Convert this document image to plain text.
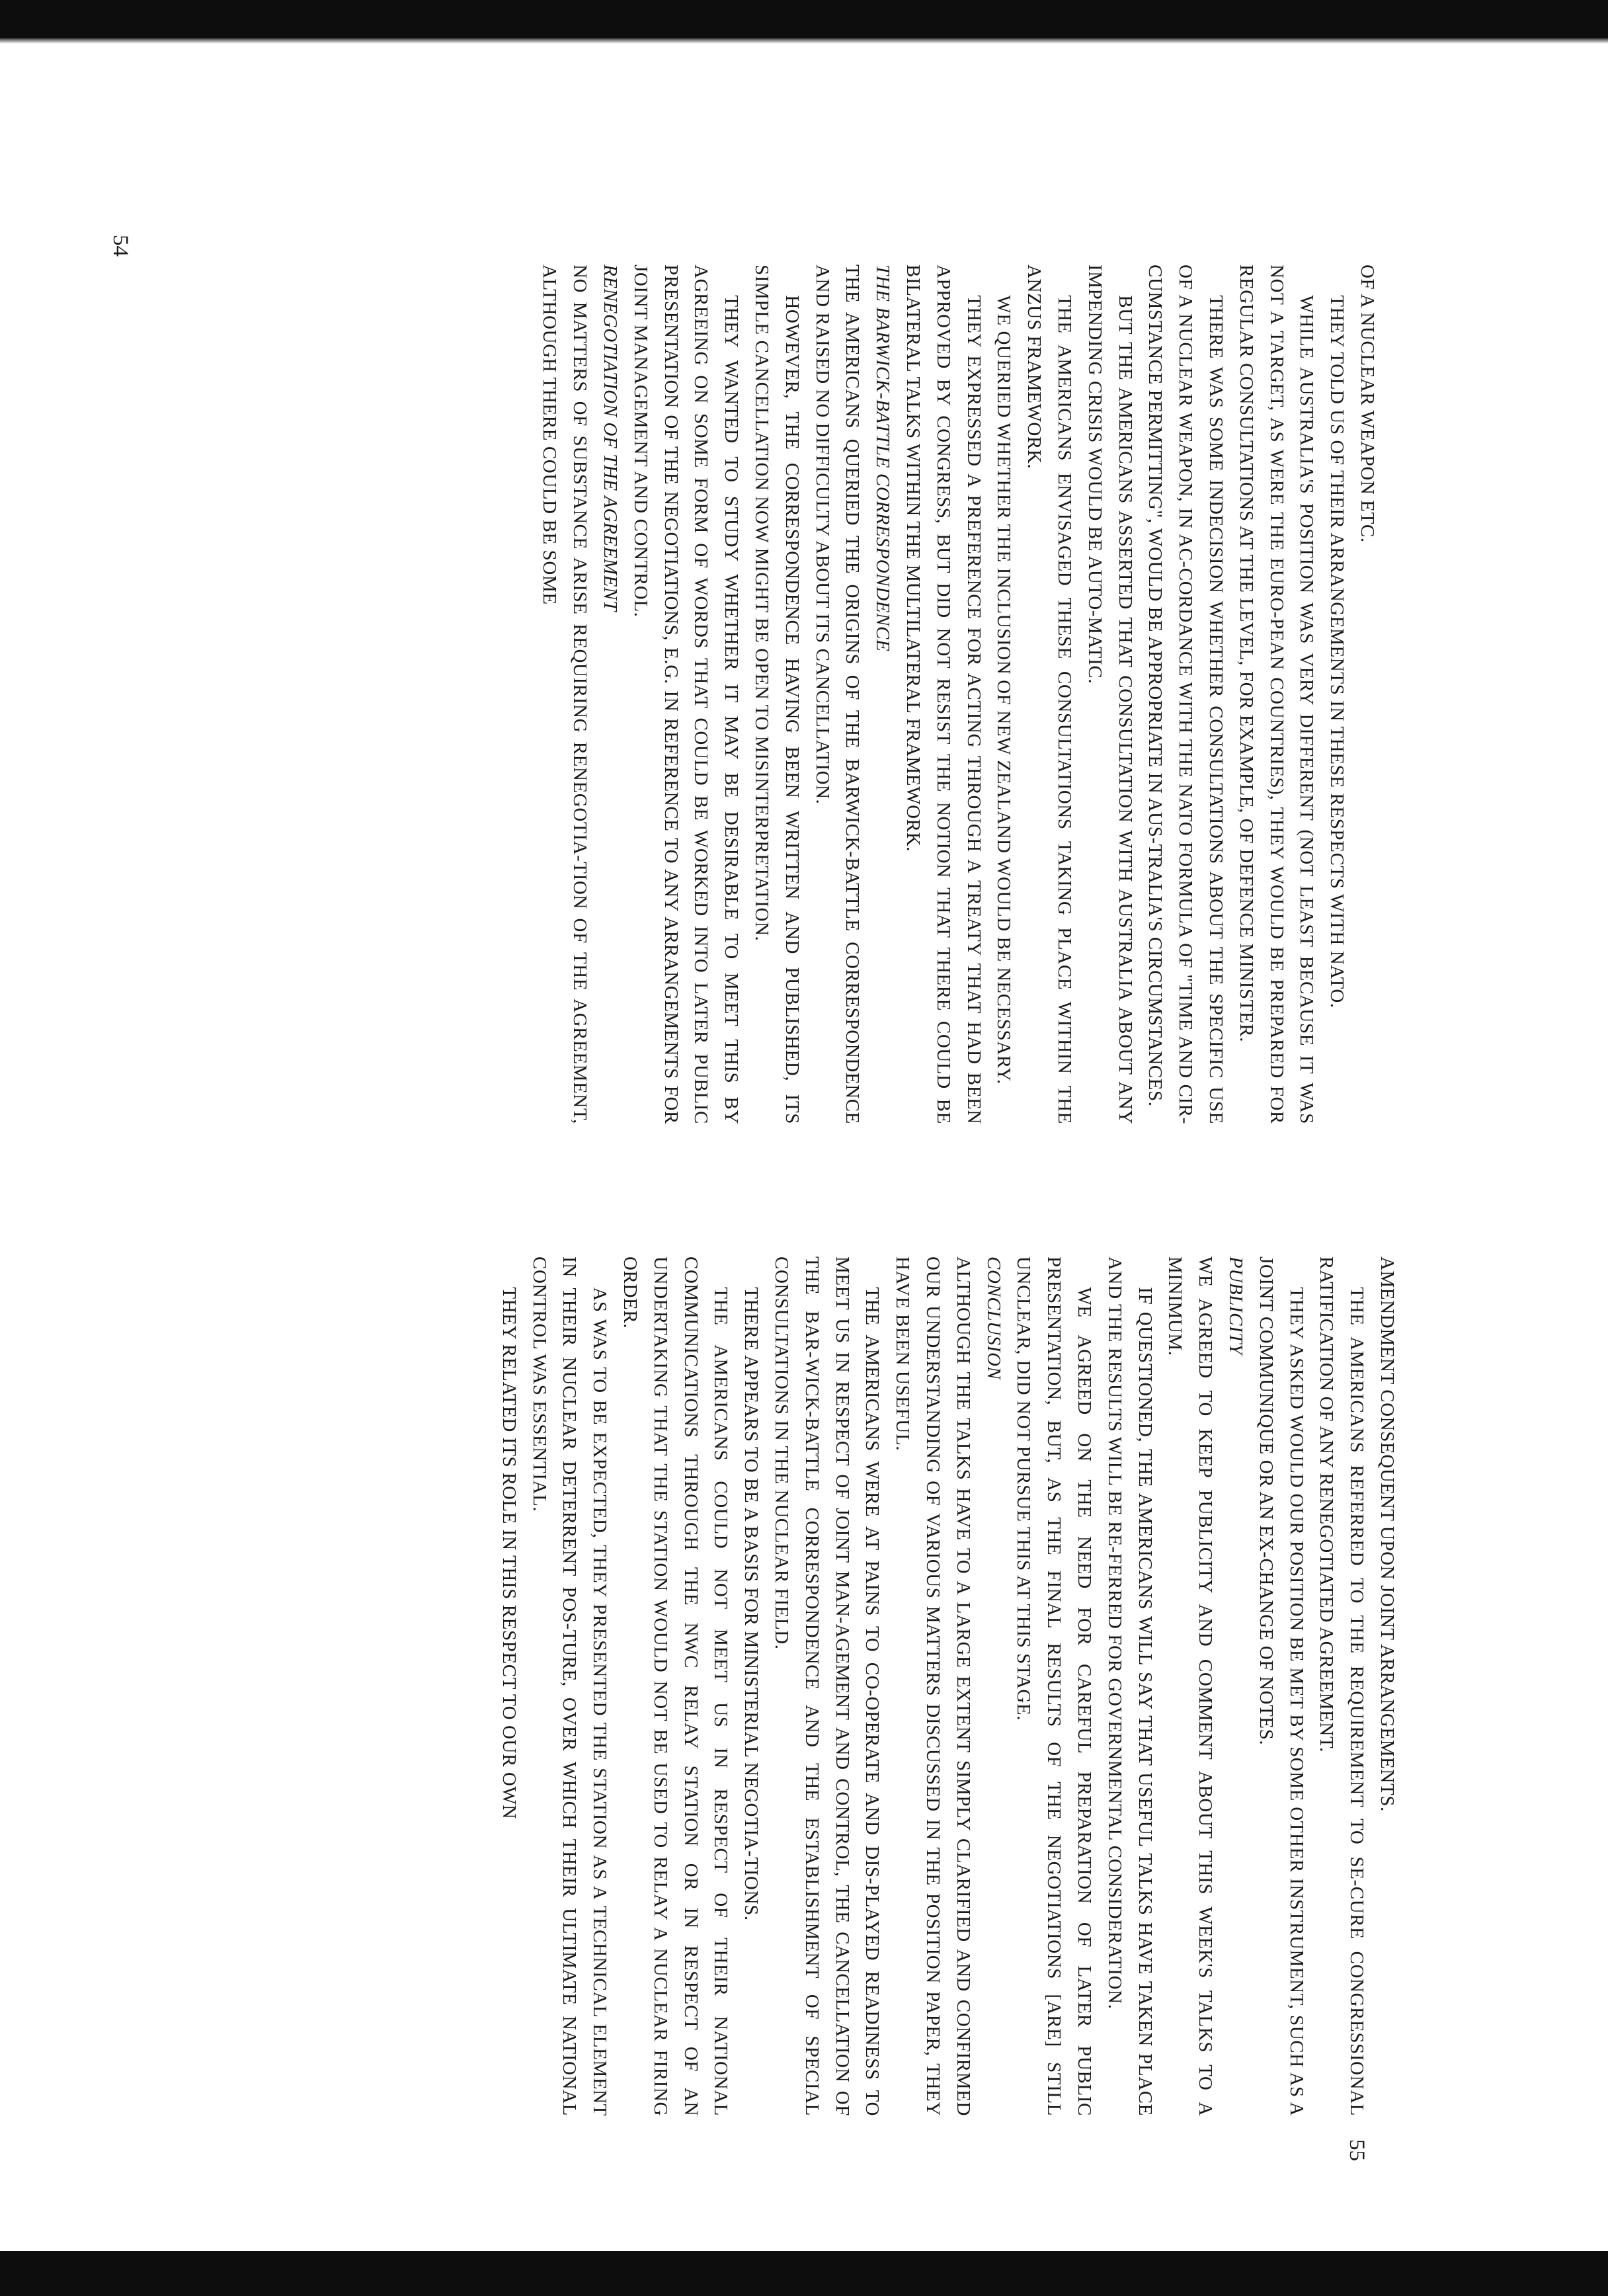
OF A NUCLEAR WEAPON ETC.

THEY TOLD US OF THEIR ARRANGEMENTS IN THESE RESPECTS WITH NATO.

WHILE AUSTRALIA'S POSITION WAS VERY DIFFERENT (NOT LEAST BECAUSE IT WAS NOT A TARGET, AS WERE THE EURO-PEAN COUNTRIES), THEY WOULD BE PREPARED FOR REGULAR CONSULTATIONS AT THE LEVEL, FOR EXAMPLE, OF DEFENCE MINISTER.

THERE WAS SOME INDECISION WHETHER CONSULTATIONS ABOUT THE SPECIFIC USE OF A NUCLEAR WEAPON, IN AC-CORDANCE WITH THE NATO FORMULA OF "TIME AND CIR-CUMSTANCE PERMITTING", WOULD BE APPROPRIATE IN AUS-TRALIA'S CIRCUMSTANCES.

BUT THE AMERICANS ASSERTED THAT CONSULTATION WITH AUSTRALIA ABOUT ANY IMPENDING CRISIS WOULD BE AUTO-MATIC.

THE AMERICANS ENVISAGED THESE CONSULTATIONS TAKING PLACE WITHIN THE ANZUS FRAMEWORK.

WE QUERIED WHETHER THE INCLUSION OF NEW ZEALAND WOULD BE NECESSARY.

THEY EXPRESSED A PREFERENCE FOR ACTING THROUGH A TREATY THAT HAD BEEN APPROVED BY CONGRESS, BUT DID NOT RESIST THE NOTION THAT THERE COULD BE BILATERAL TALKS WITHIN THE MULTILATERAL FRAMEWORK.

THE BARWICK-BATTLE CORRESPONDENCE

THE AMERICANS QUERIED THE ORIGINS OF THE BARWICK-BATTLE CORRESPONDENCE AND RAISED NO DIFFICULTY ABOUT ITS CANCELLATION.

HOWEVER, THE CORRESPONDENCE HAVING BEEN WRITTEN AND PUBLISHED, ITS SIMPLE CANCELLATION NOW MIGHT BE OPEN TO MISINTERPRETATION.

THEY WANTED TO STUDY WHETHER IT MAY BE DESIRABLE TO MEET THIS BY AGREEING ON SOME FORM OF WORDS THAT COULD BE WORKED INTO LATER PUBLIC PRESENTATION OF THE NEGOTIATIONS, E.G. IN REFERENCE TO ANY ARRANGEMENTS FOR JOINT MANAGEMENT AND CONTROL.

RENEGOTIATION OF THE AGREEMENT

NO MATTERS OF SUBSTANCE ARISE REQUIRING RENEGOTIA-TION OF THE AGREEMENT, ALTHOUGH THERE COULD BE SOME

54

AMENDMENT CONSEQUENT UPON JOINT ARRANGEMENTS.

THE AMERICANS REFERRED TO THE REQUIREMENT TO SE-CURE CONGRESSIONAL RATIFICATION OF ANY RENEGOTIATED AGREEMENT.

THEY ASKED WOULD OUR POSITION BE MET BY SOME OTHER INSTRUMENT, SUCH AS A JOINT COMMUNIQUE OR AN EX-CHANGE OF NOTES.

PUBLICITY

WE AGREED TO KEEP PUBLICITY AND COMMENT ABOUT THIS WEEK'S TALKS TO A MINIMUM.

IF QUESTIONED, THE AMERICANS WILL SAY THAT USEFUL TALKS HAVE TAKEN PLACE AND THE RESULTS WILL BE RE-FERRED FOR GOVERNMENTAL CONSIDERATION.

WE AGREED ON THE NEED FOR CAREFUL PREPARATION OF LATER PUBLIC PRESENTATION, BUT, AS THE FINAL RESULTS OF THE NEGOTIATIONS [ARE] STILL UNCLEAR, DID NOT PURSUE THIS AT THIS STAGE.

CONCLUSION

ALTHOUGH THE TALKS HAVE TO A LARGE EXTENT SIMPLY CLARIFIED AND CONFIRMED OUR UNDERSTANDING OF VARIOUS MATTERS DISCUSSED IN THE POSITION PAPER, THEY HAVE BEEN USEFUL.

THE AMERICANS WERE AT PAINS TO CO-OPERATE AND DIS-PLAYED READINESS TO MEET US IN RESPECT OF JOINT MAN-AGEMENT AND CONTROL, THE CANCELLATION OF THE BAR-WICK-BATTLE CORRESPONDENCE AND THE ESTABLISHMENT OF SPECIAL CONSULTATIONS IN THE NUCLEAR FIELD.

THERE APPEARS TO BE A BASIS FOR MINISTERIAL NEGOTIA-TIONS.

THE AMERICANS COULD NOT MEET US IN RESPECT OF THEIR NATIONAL COMMUNICATIONS THROUGH THE NWC RELAY STATION OR IN RESPECT OF AN UNDERTAKING THAT THE STATION WOULD NOT BE USED TO RELAY A NUCLEAR FIRING ORDER.

AS WAS TO BE EXPECTED, THEY PRESENTED THE STATION AS A TECHNICAL ELEMENT IN THEIR NUCLEAR DETERRENT POS-TURE, OVER WHICH THEIR ULTIMATE NATIONAL CONTROL WAS ESSENTIAL.

THEY RELATED ITS ROLE IN THIS RESPECT TO OUR OWN

55
